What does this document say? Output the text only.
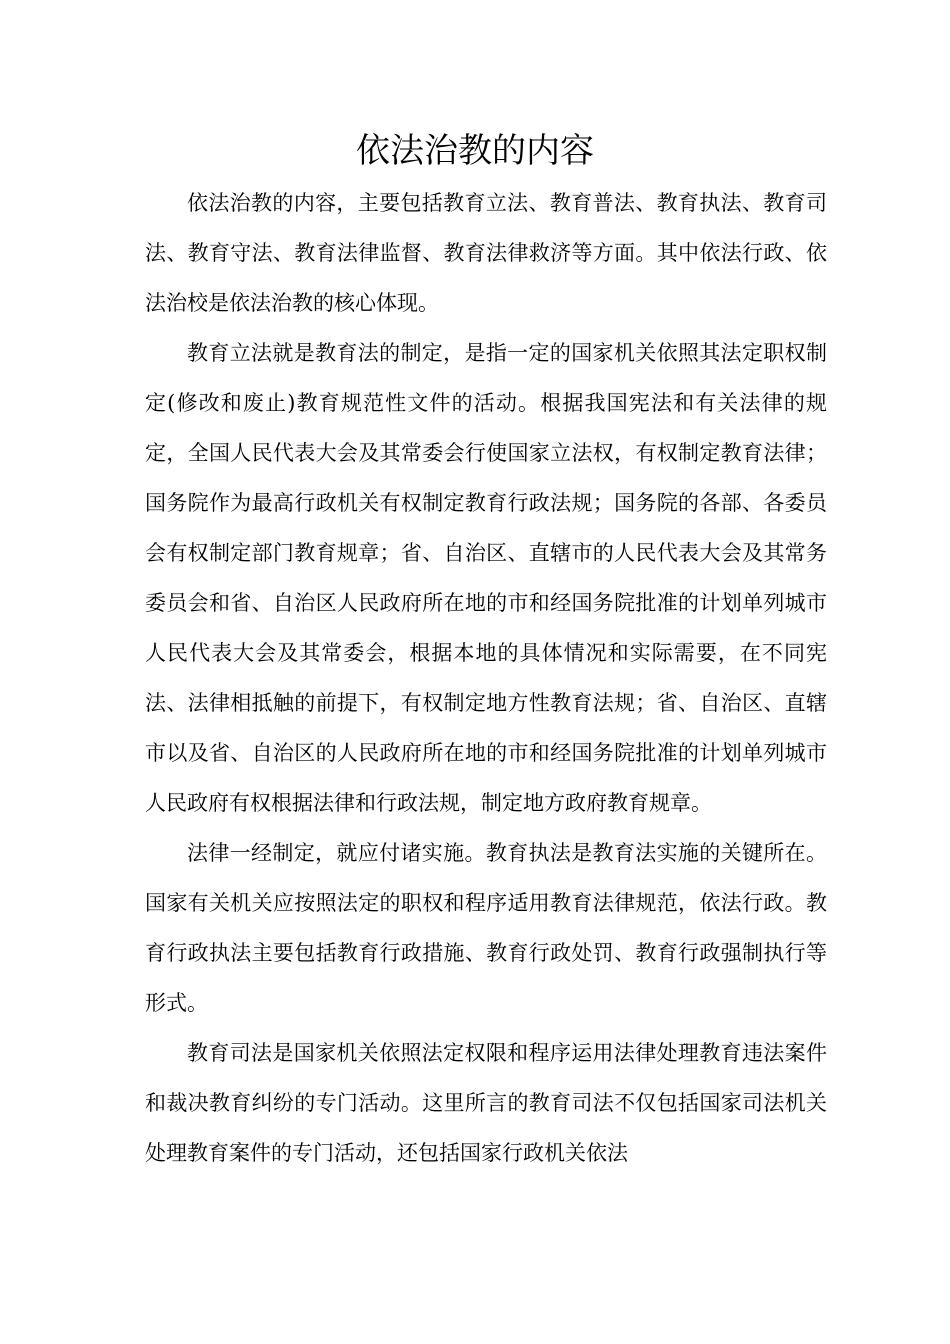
依法治教的内容

依法治教的内容，主要包括教育立法、教育普法、教育执法、教育司法、教育守法、教育法律监督、教育法律救济等方面。其中依法行政、依法治校是依法治教的核心体现。

教育立法就是教育法的制定，是指一定的国家机关依照其法定职权制定(修改和废止)教育规范性文件的活动。根据我国宪法和有关法律的规定，全国人民代表大会及其常委会行使国家立法权，有权制定教育法律；国务院作为最高行政机关有权制定教育行政法规；国务院的各部、各委员会有权制定部门教育规章；省、自治区、直辖市的人民代表大会及其常务委员会和省、自治区人民政府所在地的市和经国务院批准的计划单列城市人民代表大会及其常委会，根据本地的具体情况和实际需要，在不同宪法、法律相抵触的前提下，有权制定地方性教育法规；省、自治区、直辖市以及省、自治区的人民政府所在地的市和经国务院批准的计划单列城市人民政府有权根据法律和行政法规，制定地方政府教育规章。

法律一经制定，就应付诸实施。教育执法是教育法实施的关键所在。国家有关机关应按照法定的职权和程序适用教育法律规范，依法行政。教育行政执法主要包括教育行政措施、教育行政处罚、教育行政强制执行等形式。

教育司法是国家机关依照法定权限和程序运用法律处理教育违法案件和裁决教育纠纷的专门活动。这里所言的教育司法不仅包括国家司法机关处理教育案件的专门活动，还包括国家行政机关依法
